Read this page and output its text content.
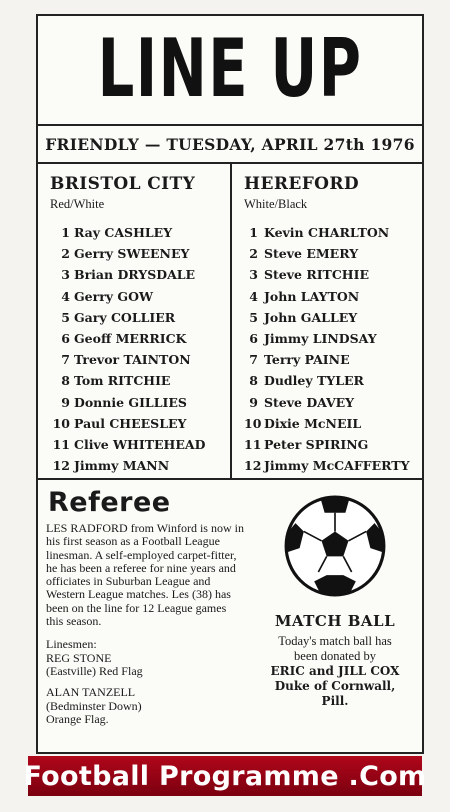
LINE UP
FRIENDLY — TUESDAY, APRIL 27th 1976

BRISTOL CITY

Red/White

1 Ray CASHLEY
2 Gerry SWEENEY
3 Brian DRYSDALE
4 Gerry GOW
5 Gary COLLIER
6 Geoff MERRICK
7 Trevor TAINTON
8 Tom RITCHIE
9 Donnie GILLIES
10 Paul CHEESLEY
11 Clive WHITEHEAD
12 Jimmy MANN

HEREFORD

White/Black

1 Kevin CHARLTON
2 Steve EMERY
3 Steve RITCHIE
4 John LAYTON
5 John GALLEY
6 Jimmy LINDSAY
7 Terry PAINE
8 Dudley TYLER
9 Steve DAVEY
10 Dixie McNEIL
11 Peter SPIRING
12 Jimmy McCAFFERTY

Referee

LES RADFORD from Winford is now in his first season as a Football League linesman. A self-employed carpet-fitter, he has been a referee for nine years and officiates in Suburban League and Western League matches. Les (38) has been on the line for 12 League games this season.

Linesmen:
REG STONE
(Eastville) Red Flag

ALAN TANZELL
(Bedminster Down)
Orange Flag.

MATCH BALL
Today's match ball has
been donated by
ERIC and JILL COX
Duke of Cornwall,
Pill.
Football Programme .Com
